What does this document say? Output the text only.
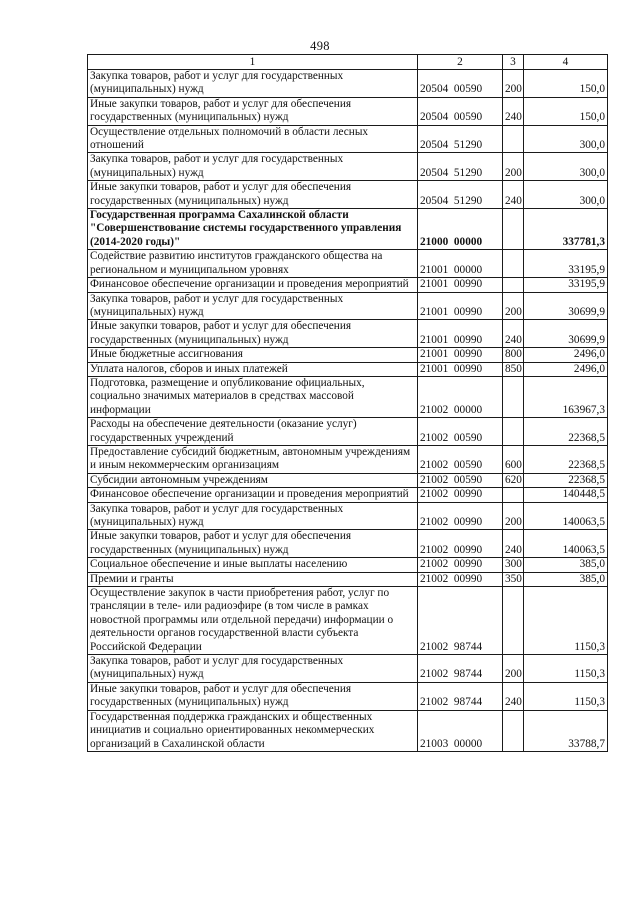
498
1	2	3	4
Закупка товаров, работ и услуг для государственных (муниципальных) нужд	20504  00590	200	150,0
Иные закупки товаров, работ и услуг для обеспечения государственных (муниципальных) нужд	20504  00590	240	150,0
Осуществление отдельных полномочий в области лесных отношений	20504  51290		300,0
Закупка товаров, работ и услуг для государственных (муниципальных) нужд	20504  51290	200	300,0
Иные закупки товаров, работ и услуг для обеспечения государственных (муниципальных) нужд	20504  51290	240	300,0
Государственная программа Сахалинской области "Совершенствование системы государственного управления (2014-2020 годы)"	21000  00000		337781,3
Содействие развитию институтов гражданского общества на региональном и муниципальном уровнях	21001  00000		33195,9
Финансовое обеспечение организации и проведения мероприятий	21001  00990		33195,9
Закупка товаров, работ и услуг для государственных (муниципальных) нужд	21001  00990	200	30699,9
Иные закупки товаров, работ и услуг для обеспечения государственных (муниципальных) нужд	21001  00990	240	30699,9
Иные бюджетные ассигнования	21001  00990	800	2496,0
Уплата налогов, сборов и иных платежей	21001  00990	850	2496,0
Подготовка, размещение и опубликование официальных, социально значимых материалов в средствах массовой информации	21002  00000		163967,3
Расходы на обеспечение деятельности (оказание услуг) государственных учреждений	21002  00590		22368,5
Предоставление субсидий бюджетным, автономным учреждениям и иным некоммерческим организациям	21002  00590	600	22368,5
Субсидии автономным учреждениям	21002  00590	620	22368,5
Финансовое обеспечение организации и проведения мероприятий	21002  00990		140448,5
Закупка товаров, работ и услуг для государственных (муниципальных) нужд	21002  00990	200	140063,5
Иные закупки товаров, работ и услуг для обеспечения государственных (муниципальных) нужд	21002  00990	240	140063,5
Социальное обеспечение и иные выплаты населению	21002  00990	300	385,0
Премии и гранты	21002  00990	350	385,0
Осуществление закупок в части приобретения работ, услуг по трансляции в теле- или радиоэфире (в том числе в рамках новостной программы или отдельной передачи) информации о деятельности органов государственной власти субъекта Российской Федерации	21002  98744		1150,3
Закупка товаров, работ и услуг для государственных (муниципальных) нужд	21002  98744	200	1150,3
Иные закупки товаров, работ и услуг для обеспечения государственных (муниципальных) нужд	21002  98744	240	1150,3
Государственная поддержка гражданских и общественных инициатив и социально ориентированных некоммерческих организаций в Сахалинской области	21003  00000		33788,7
